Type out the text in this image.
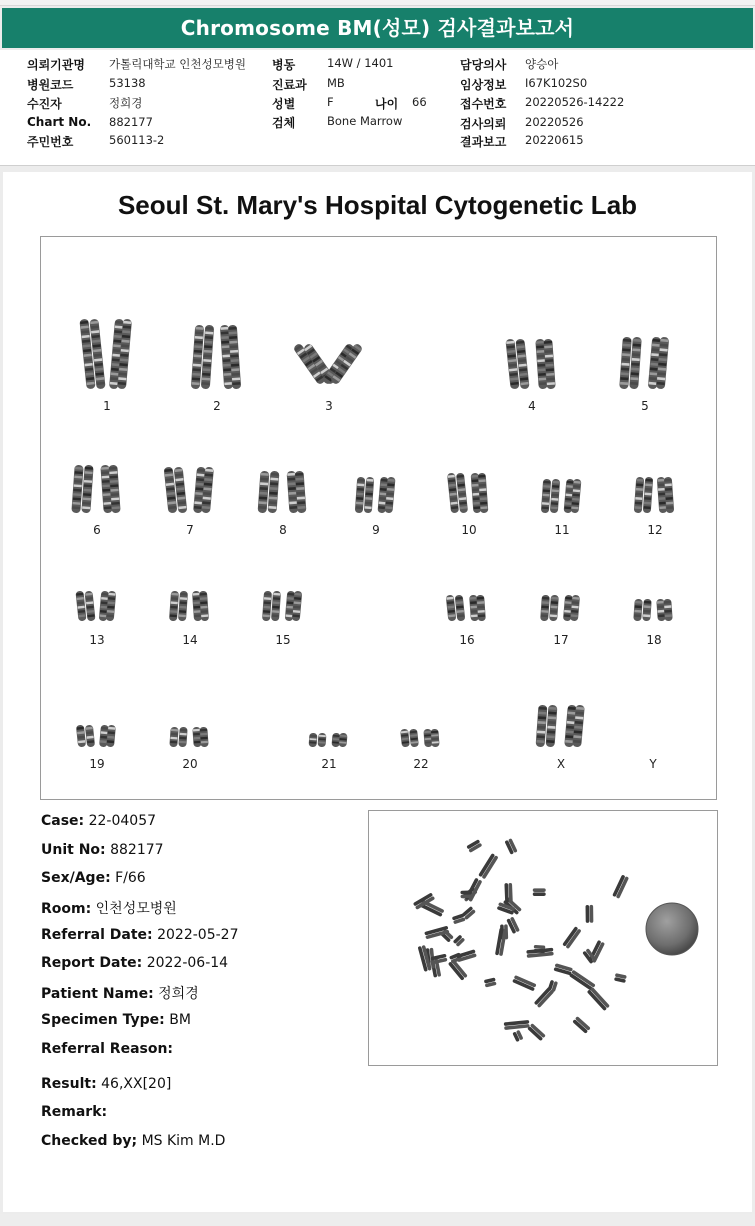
Chromosome BM(성모) 검사결과보고서
의뢰기관명 가톨릭대학교 인천성모병원
병원코드	53138
수진자	정희경
Chart No. 882177
주민번호	560113-2
병동	14W / 1401
진료과 MB
성별	F	나이 66
검체	Bone Marrow
담당의사 양승아
임상정보 I67K102S0
접수번호 20220526-14222
검사의뢰 20220526
결과보고 20220615
Seoul St. Mary's Hospital Cytogenetic Lab
1	2	3	4	5
6	7	8	9	10	11	12
13	14	15	16	17	18
19	20	21	22	X	Y
Case: 22-04057
Unit No: 882177
Sex/Age: F/66
Room: 인천성모병원
Referral Date: 2022-05-27
Report Date: 2022-06-14
Patient Name: 정희경
Specimen Type: BM
Referral Reason:
Result: 46,XX[20]
Remark:
Checked by; MS Kim M.D
